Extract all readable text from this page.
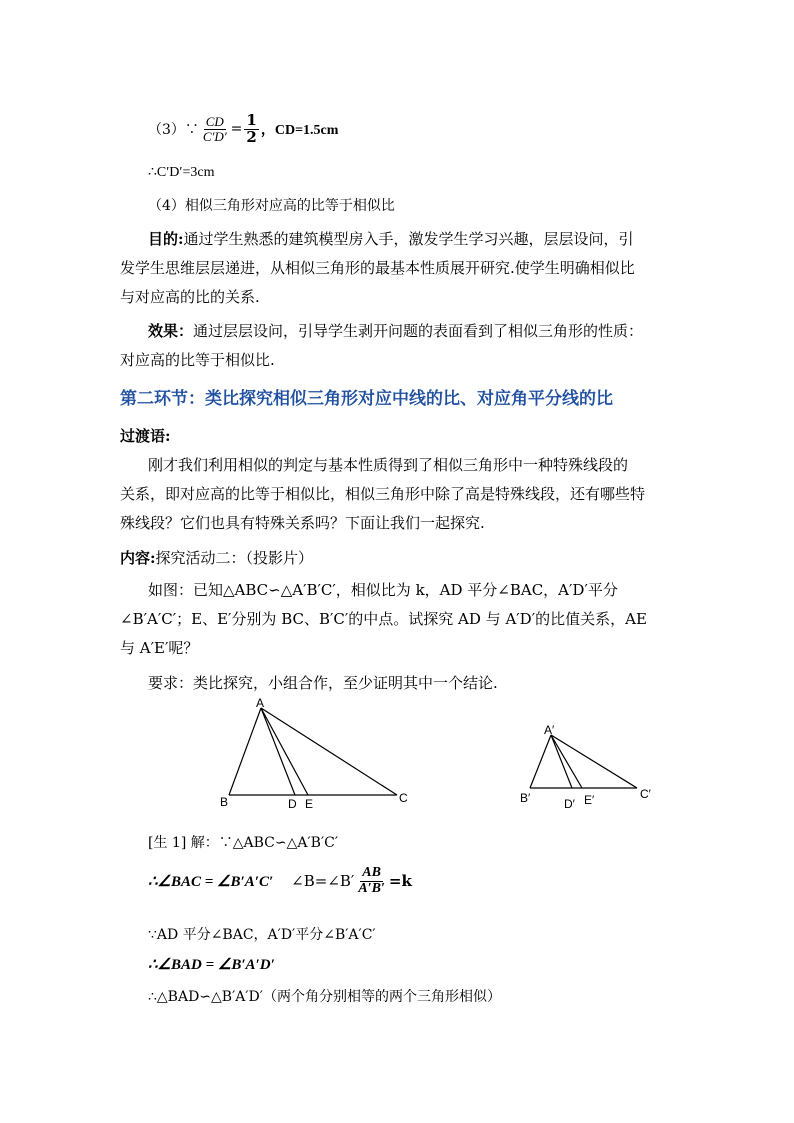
（3）∵ $\frac{CD}{C'D'} = \frac{1}{2}$ ，CD=1.5cm
∴C′D′=3cm
（4）相似三角形对应高的比等于相似比
目的:通过学生熟悉的建筑模型房入手，激发学生学习兴趣，层层设问，引
发学生思维层层递进，从相似三角形的最基本性质展开研究.使学生明确相似比
与对应高的比的关系.
效果：通过层层设问，引导学生剥开问题的表面看到了相似三角形的性质：
对应高的比等于相似比.
第二环节：类比探究相似三角形对应中线的比、对应角平分线的比
过渡语:
刚才我们利用相似的判定与基本性质得到了相似三角形中一种特殊线段的
关系，即对应高的比等于相似比，相似三角形中除了高是特殊线段，还有哪些特
殊线段？它们也具有特殊关系吗？下面让我们一起探究.
内容:探究活动二：（投影片）
如图：已知△ABC∽△A′B′C′，相似比为 k，AD 平分∠BAC，A′D′平分
∠B′A′C′；E、E′分别为 BC、B′C′的中点。试探究 AD 与 A′D′的比值关系，AE
与 A′E′呢？
要求：类比探究，小组合作，至少证明其中一个结论.
A
B	C
D E
A′
B′	C′
D′ E′
[生 1] 解：∵△ABC∽△A′B′C′
∴∠BAC = ∠B′A′C′ ∠B=∠B′ $\frac{AB}{A'B'} =k$
∵AD 平分∠BAC，A′D′平分∠B′A′C′
∴∠BAD = ∠B′A′D′
∴△BAD∽△B′A′D′（两个角分别相等的两个三角形相似）
